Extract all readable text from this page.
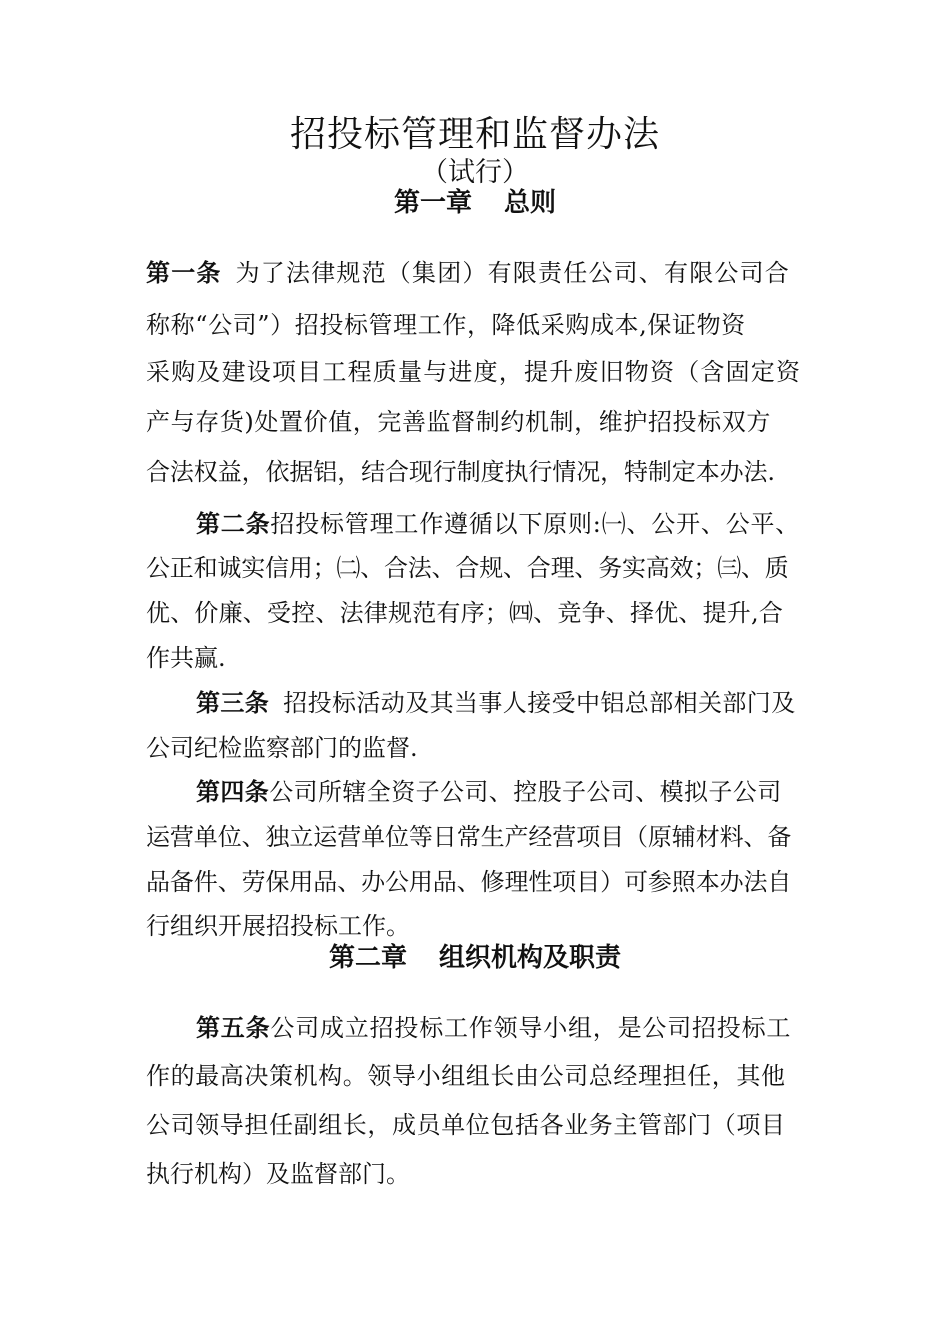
招投标管理和监督办法
（试行）
第一章 总则
第一条 为了法律规范（集团）有限责任公司、有限公司合
称称“公司”）招投标管理工作，降低采购成本,保证物资
采购及建设项目工程质量与进度，提升废旧物资（含固定资
产与存货)处置价值，完善监督制约机制，维护招投标双方
合法权益，依据铝，结合现行制度执行情况，特制定本办法.
第二条招投标管理工作遵循以下原则:㈠、公开、公平、
公正和诚实信用；㈡、合法、合规、合理、务实高效；㈢、质
优、价廉、受控、法律规范有序；㈣、竞争、择优、提升,合
作共赢.
第三条 招投标活动及其当事人接受中铝总部相关部门及
公司纪检监察部门的监督.
第四条公司所辖全资子公司、控股子公司、模拟子公司
运营单位、独立运营单位等日常生产经营项目（原辅材料、备
品备件、劳保用品、办公用品、修理性项目）可参照本办法自
行组织开展招投标工作。
第二章 组织机构及职责
第五条公司成立招投标工作领导小组，是公司招投标工
作的最高决策机构。领导小组组长由公司总经理担任，其他
公司领导担任副组长，成员单位包括各业务主管部门（项目
执行机构）及监督部门。
